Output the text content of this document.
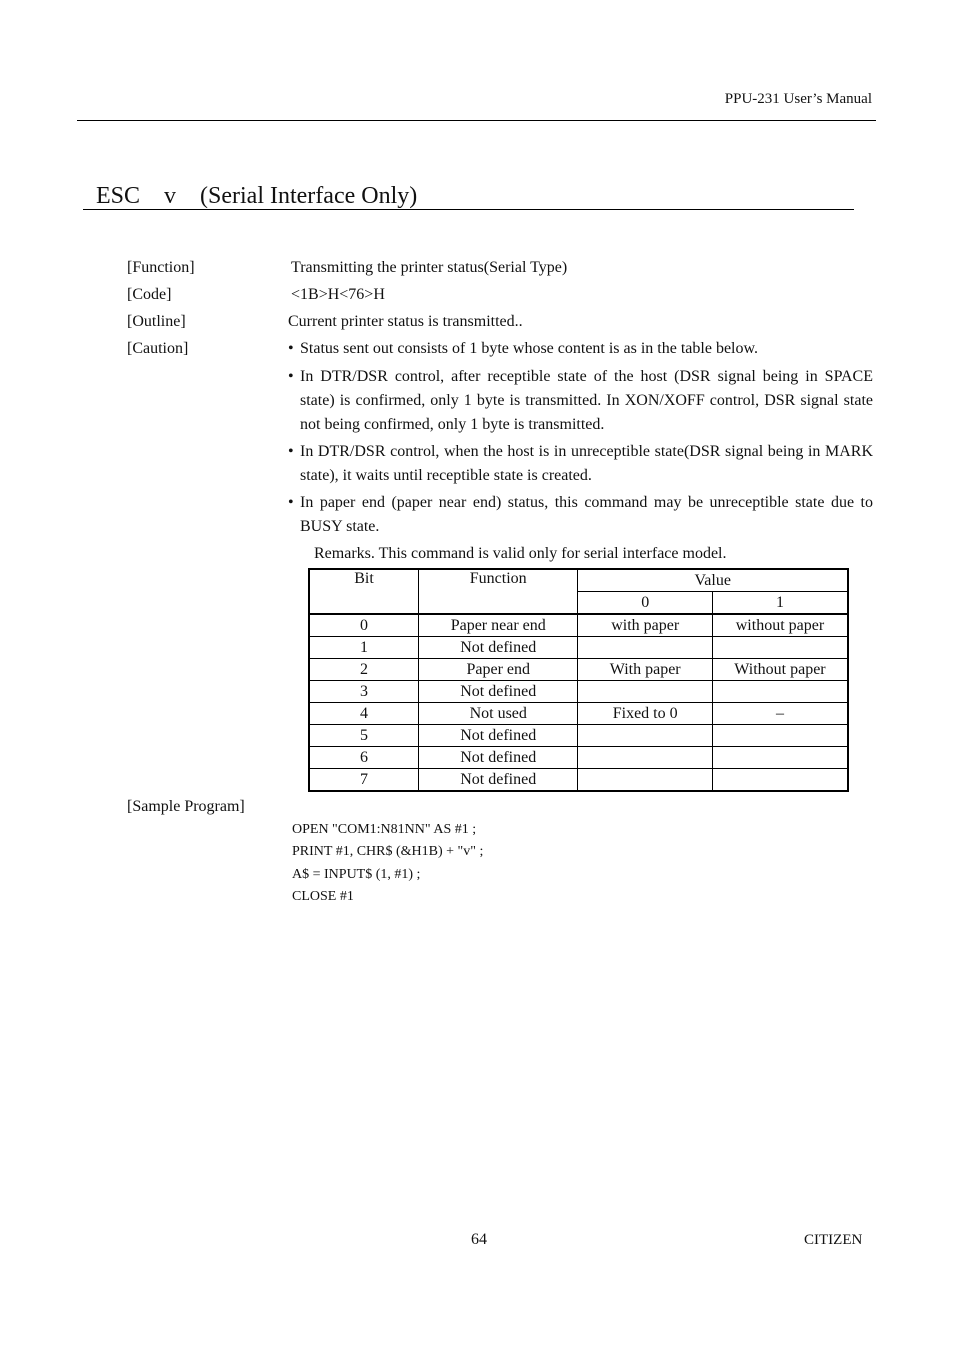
PPU-231 User’s Manual
ESC    v    (Serial Interface Only)
[Function]	Transmitting the printer status(Serial Type)
[Code]	<1B>H<76>H
[Outline]	Current printer status is transmitted..
[Caution]	• Status sent out consists of 1 byte whose content is as in the table below.
• In DTR/DSR control, after receptible state of the host (DSR signal being in SPACE state) is confirmed, only 1 byte is transmitted. In XON/XOFF control, DSR signal state not being confirmed, only 1 byte is transmitted.
• In DTR/DSR control, when the host is in unreceptible state(DSR signal being in MARK state), it waits until receptible state is created.
• In paper end (paper near end) status, this command may be unreceptible state due to BUSY state.
Remarks. This command is valid only for serial interface model.
Bit	Function	Value	
		0	1
0	Paper near end	with paper	without paper
1	Not defined		
2	Paper end	With paper	Without paper
3	Not defined		
4	Not used	Fixed to 0	–
5	Not defined		
6	Not defined		
7	Not defined		
[Sample Program]
OPEN "COM1:N81NN" AS #1 ;
PRINT #1, CHR$ (&H1B) + "v" ;
A$ = INPUT$ (1, #1) ;
CLOSE #1
64	CITIZEN
